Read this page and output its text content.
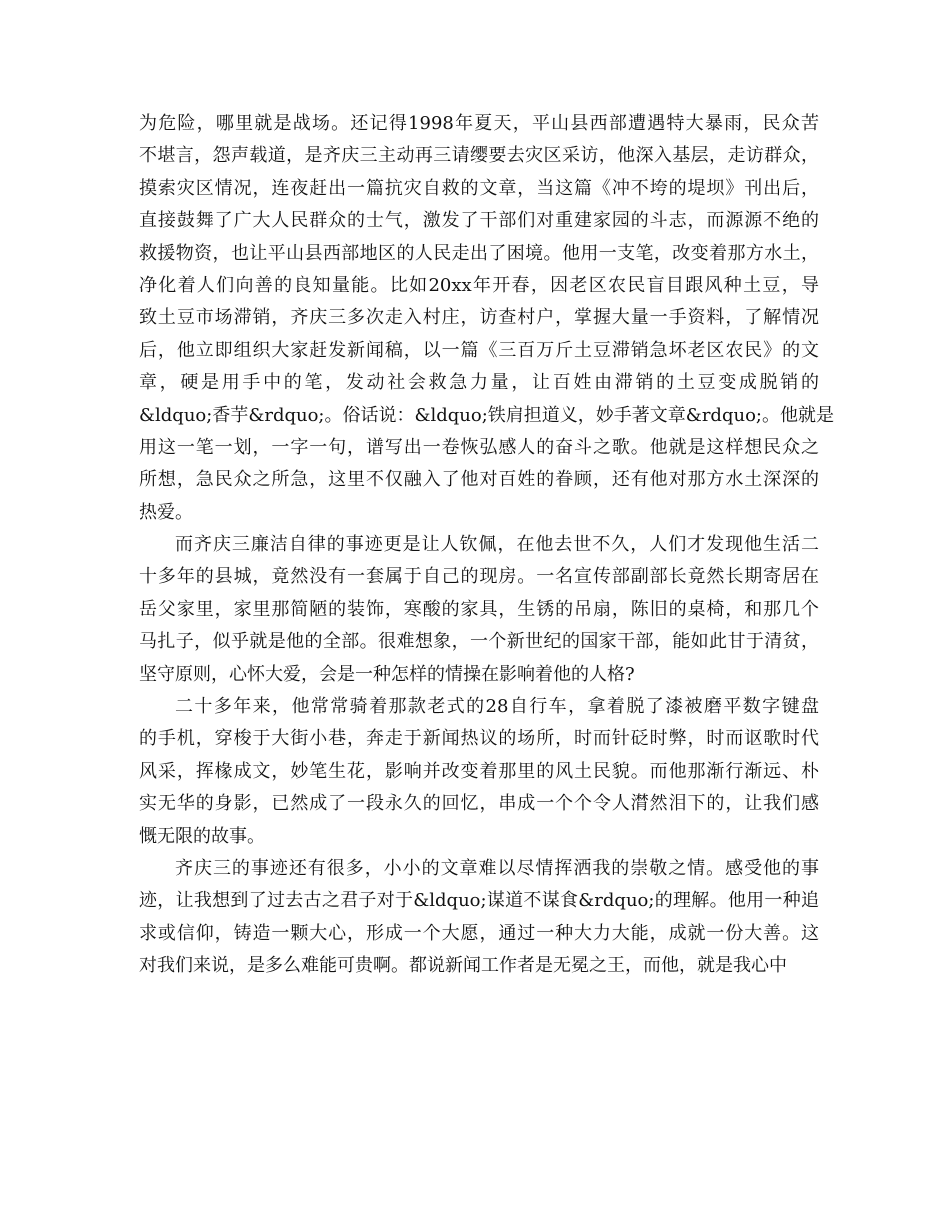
为危险，哪里就是战场。还记得1998年夏天，平山县西部遭遇特大暴雨，民众苦
不堪言，怨声载道，是齐庆三主动再三请缨要去灾区采访，他深入基层，走访群众，
摸索灾区情况，连夜赶出一篇抗灾自救的文章，当这篇《冲不垮的堤坝》刊出后，
直接鼓舞了广大人民群众的士气，激发了干部们对重建家园的斗志，而源源不绝的
救援物资，也让平山县西部地区的人民走出了困境。他用一支笔，改变着那方水土，
净化着人们向善的良知量能。比如20xx年开春，因老区农民盲目跟风种土豆，导
致土豆市场滞销，齐庆三多次走入村庄，访查村户，掌握大量一手资料，了解情况
后，他立即组织大家赶发新闻稿，以一篇《三百万斤土豆滞销急坏老区农民》的文
章，硬是用手中的笔，发动社会救急力量，让百姓由滞销的土豆变成脱销的
&ldquo;香芋&rdquo;。俗话说：&ldquo;铁肩担道义，妙手著文章&rdquo;。他就是
用这一笔一划，一字一句，谱写出一卷恢弘感人的奋斗之歌。他就是这样想民众之
所想，急民众之所急，这里不仅融入了他对百姓的眷顾，还有他对那方水土深深的
热爱。
而齐庆三廉洁自律的事迹更是让人钦佩，在他去世不久，人们才发现他生活二
十多年的县城，竟然没有一套属于自己的现房。一名宣传部副部长竟然长期寄居在
岳父家里，家里那简陋的装饰，寒酸的家具，生锈的吊扇，陈旧的桌椅，和那几个
马扎子，似乎就是他的全部。很难想象，一个新世纪的国家干部，能如此甘于清贫，
坚守原则，心怀大爱，会是一种怎样的情操在影响着他的人格?
二十多年来，他常常骑着那款老式的28自行车，拿着脱了漆被磨平数字键盘
的手机，穿梭于大街小巷，奔走于新闻热议的场所，时而针砭时弊，时而讴歌时代
风采，挥椽成文，妙笔生花，影响并改变着那里的风土民貌。而他那渐行渐远、朴
实无华的身影，已然成了一段永久的回忆，串成一个个令人潸然泪下的，让我们感
慨无限的故事。
齐庆三的事迹还有很多，小小的文章难以尽情挥洒我的崇敬之情。感受他的事
迹，让我想到了过去古之君子对于&ldquo;谋道不谋食&rdquo;的理解。他用一种追
求或信仰，铸造一颗大心，形成一个大愿，通过一种大力大能，成就一份大善。这
对我们来说，是多么难能可贵啊。都说新闻工作者是无冕之王，而他，就是我心中
